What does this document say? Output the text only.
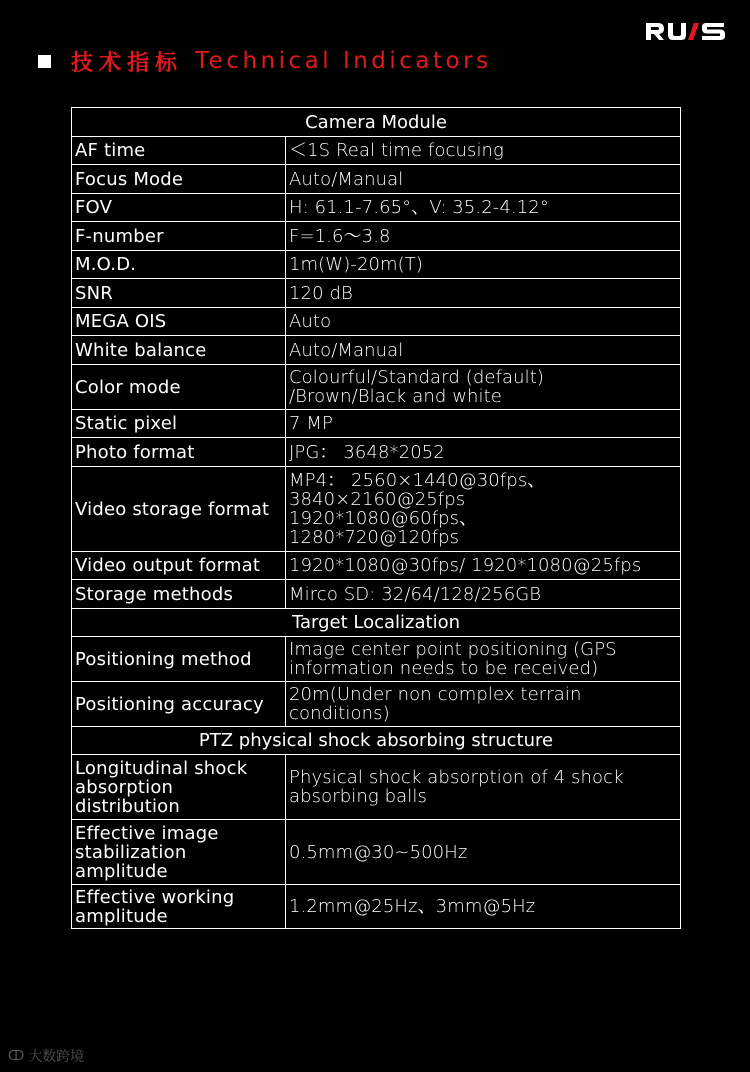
技术指标 Technical Indicators
Camera Module	
AF time	＜1S Real time focusing
Focus Mode	Auto/Manual
FOV	H: 61.1-7.65°、V: 35.2-4.12°
F-number	F=1.6～3.8
M.O.D.	1m(W)-20m(T)
SNR	120 dB
MEGA OIS	Auto
White balance	Auto/Manual
Color mode	Colourful/Standard (default)
/Brown/Black and white
Static pixel	7 MP
Photo format	JPG： 3648*2052
Video storage format	MP4： 2560×1440@30fps、
3840×2160@25fps
1920*1080@60fps、
1280*720@120fps
Video output format	1920*1080@30fps/ 1920*1080@25fps
Storage methods	Mirco SD: 32/64/128/256GB
Target Localization	
Positioning method	Image center point positioning (GPS
information needs to be received)
Positioning accuracy	20m(Under non complex terrain
conditions)
PTZ physical shock absorbing structure	
Longitudinal shock
absorption
distribution	Physical shock absorption of 4 shock
absorbing balls
Effective image
stabilization
amplitude	0.5mm@30~500Hz
Effective working
amplitude	1.2mm@25Hz、3mm@5Hz
ↀ 大数跨境
